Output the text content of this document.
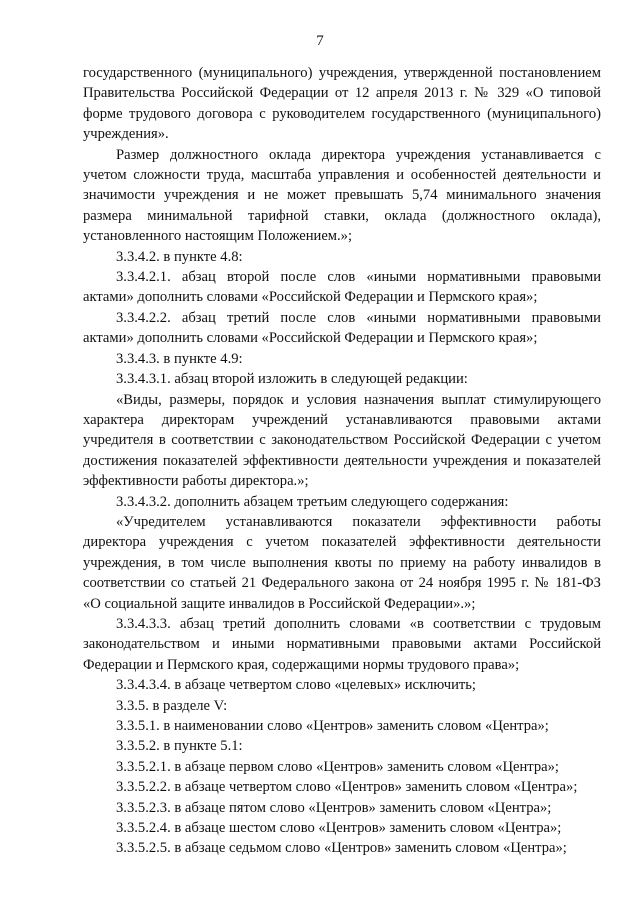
7

государственного (муниципального) учреждения, утвержденной постановлением Правительства Российской Федерации от 12 апреля 2013 г. № 329 «О типовой форме трудового договора с руководителем государственного (муниципального) учреждения».

Размер должностного оклада директора учреждения устанавливается с учетом сложности труда, масштаба управления и особенностей деятельности и значимости учреждения и не может превышать 5,74 минимального значения размера минимальной тарифной ставки, оклада (должностного оклада), установленного настоящим Положением.»;

3.3.4.2. в пункте 4.8:

3.3.4.2.1. абзац второй после слов «иными нормативными правовыми актами» дополнить словами «Российской Федерации и Пермского края»;

3.3.4.2.2. абзац третий после слов «иными нормативными правовыми актами» дополнить словами «Российской Федерации и Пермского края»;

3.3.4.3. в пункте 4.9:

3.3.4.3.1. абзац второй изложить в следующей редакции:

«Виды, размеры, порядок и условия назначения выплат стимулирующего характера директорам учреждений устанавливаются правовыми актами учредителя в соответствии с законодательством Российской Федерации с учетом достижения показателей эффективности деятельности учреждения и показателей эффективности работы директора.»;

3.3.4.3.2. дополнить абзацем третьим следующего содержания:

«Учредителем устанавливаются показатели эффективности работы директора учреждения с учетом показателей эффективности деятельности учреждения, в том числе выполнения квоты по приему на работу инвалидов в соответствии со статьей 21 Федерального закона от 24 ноября 1995 г. № 181-ФЗ «О социальной защите инвалидов в Российской Федерации».»;

3.3.4.3.3. абзац третий дополнить словами «в соответствии с трудовым законодательством и иными нормативными правовыми актами Российской Федерации и Пермского края, содержащими нормы трудового права»;

3.3.4.3.4. в абзаце четвертом слово «целевых» исключить;

3.3.5. в разделе V:

3.3.5.1. в наименовании слово «Центров» заменить словом «Центра»;

3.3.5.2. в пункте 5.1:

3.3.5.2.1. в абзаце первом слово «Центров» заменить словом «Центра»;

3.3.5.2.2. в абзаце четвертом слово «Центров» заменить словом «Центра»;

3.3.5.2.3. в абзаце пятом слово «Центров» заменить словом «Центра»;

3.3.5.2.4. в абзаце шестом слово «Центров» заменить словом «Центра»;

3.3.5.2.5. в абзаце седьмом слово «Центров» заменить словом «Центра»;
